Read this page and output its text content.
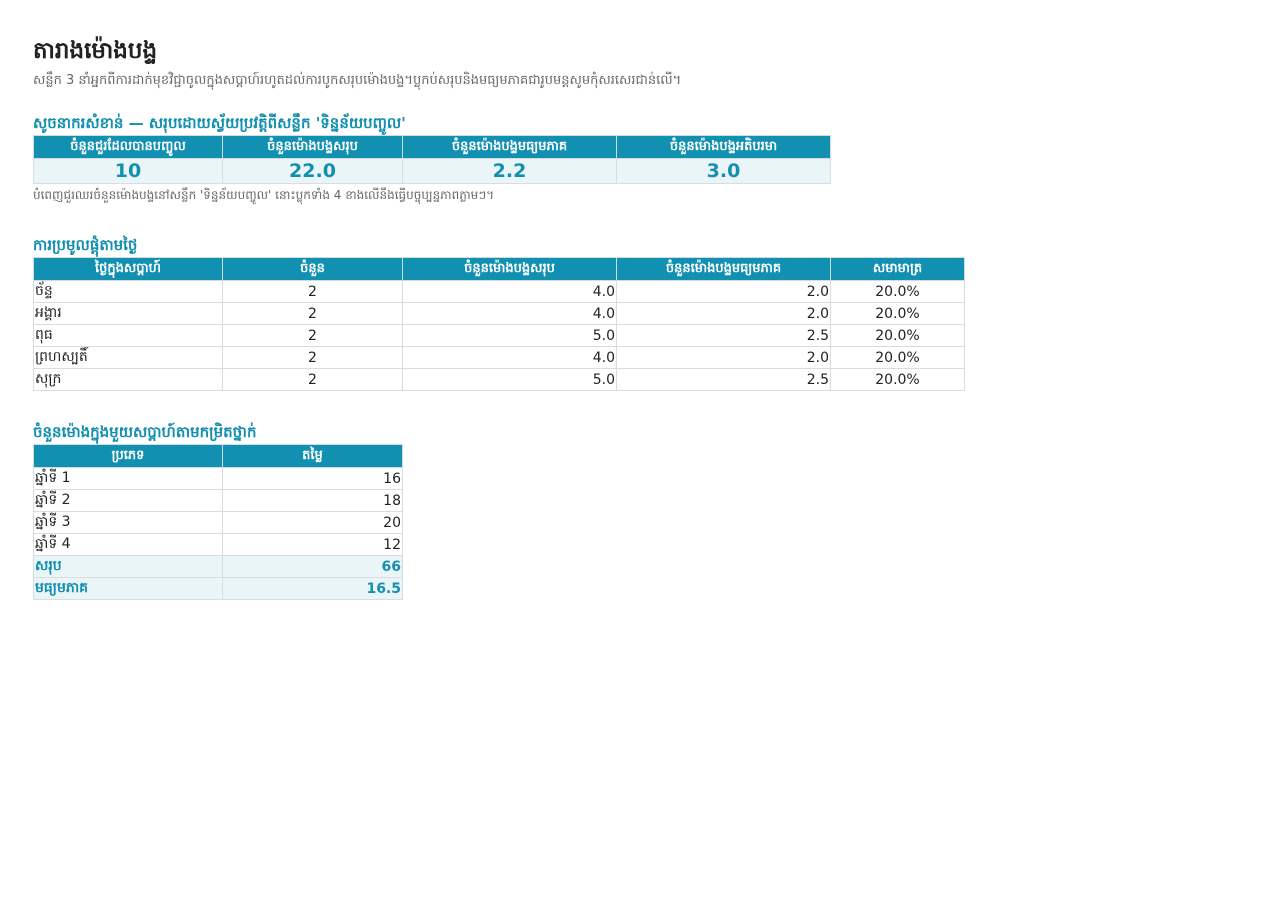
តារាងម៉ោងបង្ទ
សន្លឹក 3 នាំអ្នកពីការដាក់មុខវិជ្ជាចូលក្នុងសប្តាហ៍រហូតដល់ការបូកសរុបម៉ោងបង្ទ។ប្លុកប់សរុបនិងមធ្យមភាគជារូបមន្តសូមកុំសរសេរជាន់លើ។
សូចនាករសំខាន់ — សរុបដោយស្វ័យប្រវត្តិពីសន្លឹក 'ទិន្នន័យបញ្ចូល'
ចំនួនជួរដែលបានបញ្ចូល	ចំនួនម៉ោងបង្ទសរុប	ចំនួនម៉ោងបង្ទមធ្យមភាគ	ចំនួនម៉ោងបង្ទអតិបរមា
10	22.0	2.2	3.0
បំពេញជួរឈរចំនួនម៉ោងបង្ទនៅសន្លឹក 'ទិន្នន័យបញ្ចូល' នោះប្លុកទាំង 4 ខាងលើនឹងធ្វើបច្ចុប្បន្នភាពភ្លាមៗ។
ការប្រមូលផ្តុំតាមថ្ងៃ
ថ្ងៃក្នុងសប្តាហ៍	ចំនួន	ចំនួនម៉ោងបង្ទសរុប	ចំនួនម៉ោងបង្ទមធ្យមភាគ	សមាមាត្រ
ច័ន្ទ	2	4.0	2.0	20.0%
អង្គារ	2	4.0	2.0	20.0%
ពុធ	2	5.0	2.5	20.0%
ព្រហស្បតិ៍	2	4.0	2.0	20.0%
សុក្រ	2	5.0	2.5	20.0%
ចំនួនម៉ោងក្នុងមួយសប្តាហ៍តាមកម្រិតថ្នាក់
ប្រភេទ	តម្លៃ
ឆ្នាំទី 1	16
ឆ្នាំទី 2	18
ឆ្នាំទី 3	20
ឆ្នាំទី 4	12
សរុប	66
មធ្យមភាគ	16.5
